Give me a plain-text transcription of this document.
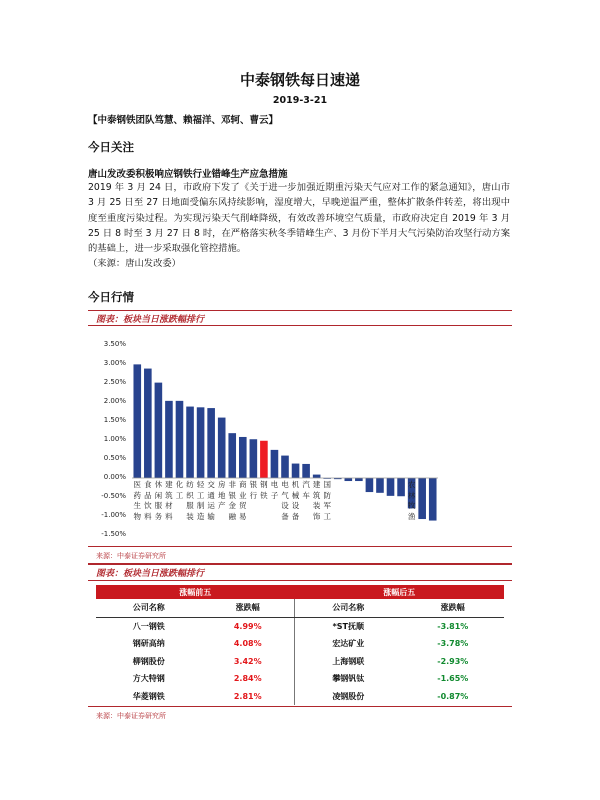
中泰钢铁每日速递
2019-3-21
【中泰钢铁团队笃慧、赖福洋、邓轲、曹云】
今日关注
唐山发改委积极响应钢铁行业错峰生产应急措施
2019 年 3 月 24 日，市政府下发了《关于进一步加强近期重污染天气应对工作的紧急通知》，唐山市 3 月 25 日至 27 日地面受偏东风持续影响，湿度增大，早晚逆温严重，整体扩散条件转差，将出现中度至重度污染过程。为实现污染天气削峰降级，有效改善环境空气质量，市政府决定自 2019 年 3 月 25 日 8 时至 3 月 27 日 8 时，在严格落实秋冬季错峰生产、3 月份下半月大气污染防治攻坚行动方案的基础上，进一步采取强化管控措施。
（来源：唐山发改委）
今日行情
图表：板块当日涨跌幅排行
3.50%
3.00%
2.50%
2.00%
1.50%
1.00%
0.50%
0.00%
-0.50%
-1.00%
-1.50%
医药生物
食品饮料
休闲服务
建筑材料
化工
纺织服装
轻工制造
交通运输
房地产
非银金融
商业贸易
银行
钢铁
电子
电气设备
机械设备
汽车
建筑装饰
国防军工
农林牧渔
来源：中泰证券研究所
图表：板块当日涨跌幅排行
涨幅前五		涨幅后五	
公司名称	涨跌幅	公司名称	涨跌幅
八一钢铁	4.99%	*ST抚顺	-3.81%
钢研高纳	4.08%	宏达矿业	-3.78%
柳钢股份	3.42%	上海钢联	-2.93%
方大特钢	2.84%	攀钢钒钛	-1.65%
华菱钢铁	2.81%	凌钢股份	-0.87%
来源：中泰证券研究所
